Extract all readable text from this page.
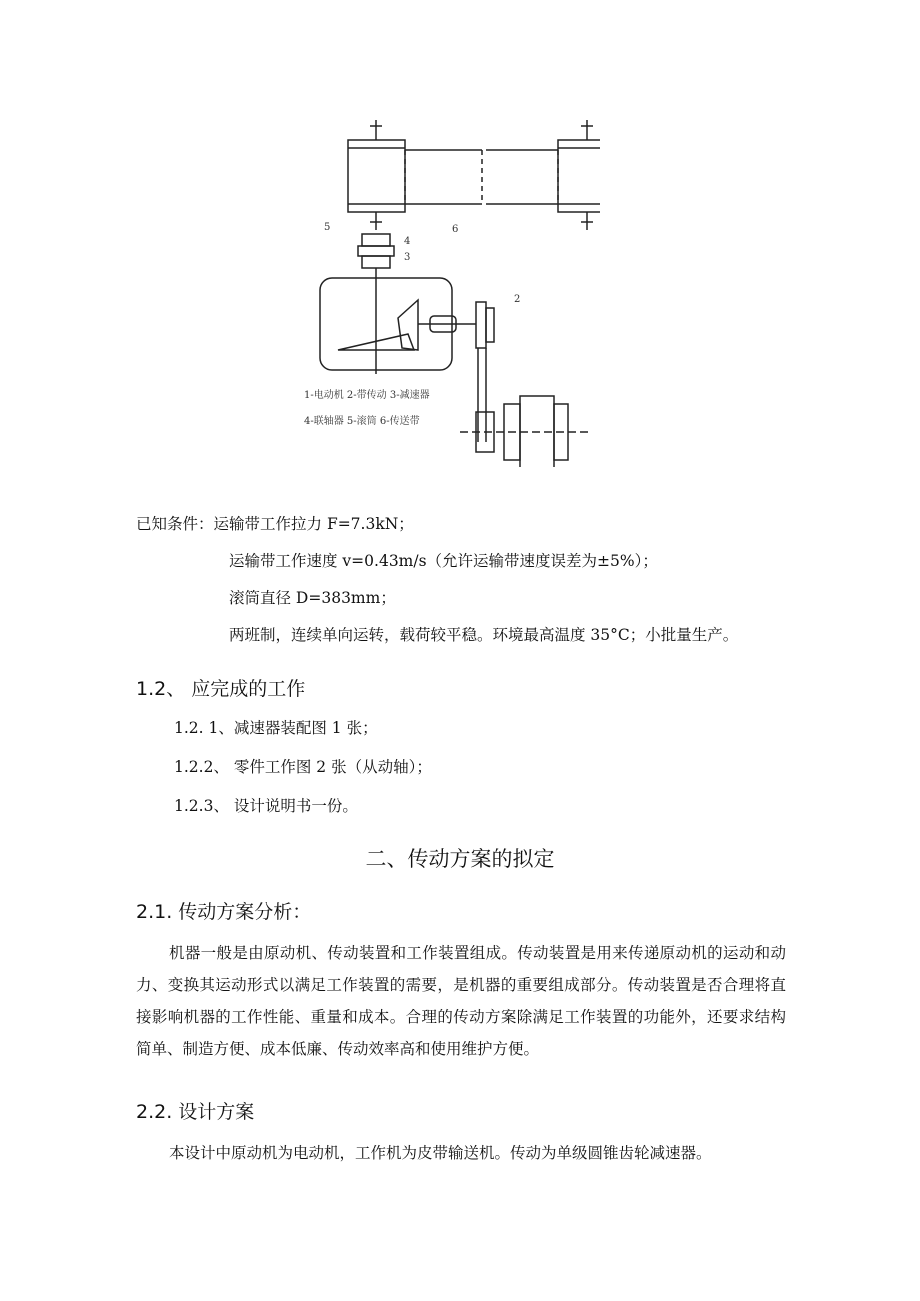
5	6
4
3
2
1-电动机 2-带传动 3-减速器
4-联轴器 5-滚筒 6-传送带
已知条件：运输带工作拉力 F=7.3kN；
运输带工作速度 v=0.43m/s（允许运输带速度误差为±5%）；
滚筒直径 D=383mm；
两班制，连续单向运转，载荷较平稳。环境最高温度 35°C；小批量生产。
1.2、 应完成的工作
1.2. 1、减速器装配图 1 张；
1.2.2、 零件工作图 2 张（从动轴）；
1.2.3、 设计说明书一份。
二、传动方案的拟定
2.1. 传动方案分析：

机器一般是由原动机、传动装置和工作装置组成。传动装置是用来传递原动机的运动和动力、变换其运动形式以满足工作装置的需要，是机器的重要组成部分。传动装置是否合理将直接影响机器的工作性能、重量和成本。合理的传动方案除满足工作装置的功能外，还要求结构简单、制造方便、成本低廉、传动效率高和使用维护方便。

2.2. 设计方案

本设计中原动机为电动机，工作机为皮带输送机。传动为单级圆锥齿轮减速器。
